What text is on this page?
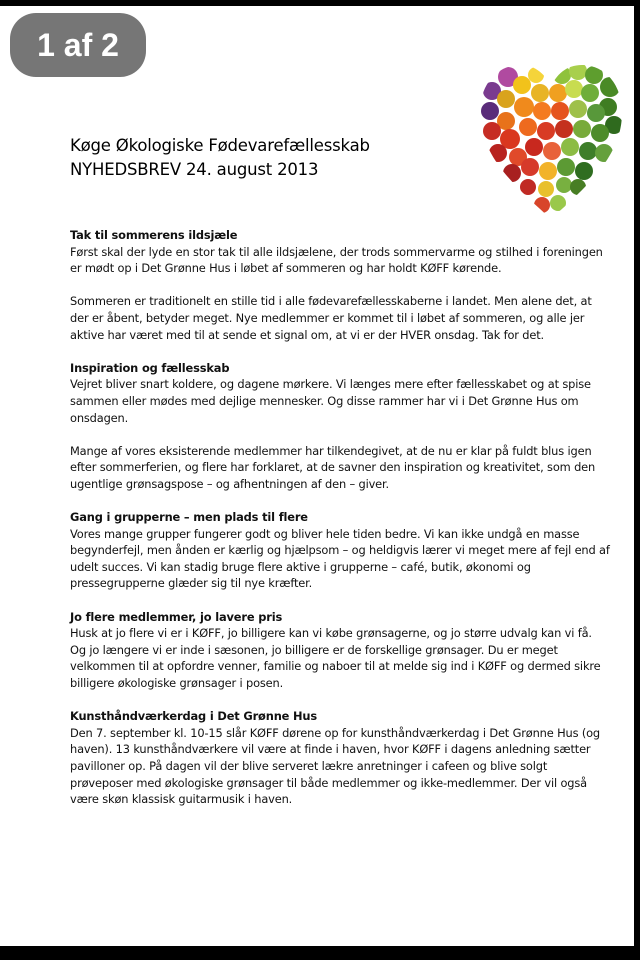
Køge Økologiske Fødevarefællesskab
NYHEDSBREV 24. august 2013
Tak til sommerens ildsjæle

Først skal der lyde en stor tak til alle ildsjælene, der trods sommervarme og stilhed i foreningen er mødt op i Det Grønne Hus i løbet af sommeren og har holdt KØFF kørende.

Sommeren er traditionelt en stille tid i alle fødevarefællesskaberne i landet. Men alene det, at der er åbent, betyder meget. Nye medlemmer er kommet til i løbet af sommeren, og alle jer aktive har været med til at sende et signal om, at vi er der HVER onsdag. Tak for det.

Inspiration og fællesskab

Vejret bliver snart koldere, og dagene mørkere. Vi længes mere efter fællesskabet og at spise sammen eller mødes med dejlige mennesker. Og disse rammer har vi i Det Grønne Hus om onsdagen.

Mange af vores eksisterende medlemmer har tilkendegivet, at de nu er klar på fuldt blus igen efter sommerferien, og flere har forklaret, at de savner den inspiration og kreativitet, som den ugentlige grønsagspose – og afhentningen af den – giver.

Gang i grupperne – men plads til flere

Vores mange grupper fungerer godt og bliver hele tiden bedre. Vi kan ikke undgå en masse begynderfejl, men ånden er kærlig og hjælpsom – og heldigvis lærer vi meget mere af fejl end af udelt succes. Vi kan stadig bruge flere aktive i grupperne – café, butik, økonomi og pressegrupperne glæder sig til nye kræfter.

Jo flere medlemmer, jo lavere pris

Husk at jo flere vi er i KØFF, jo billigere kan vi købe grønsagerne, og jo større udvalg kan vi få. Og jo længere vi er inde i sæsonen, jo billigere er de forskellige grønsager. Du er meget velkommen til at opfordre venner, familie og naboer til at melde sig ind i KØFF og dermed sikre billigere økologiske grønsager i posen.

Kunsthåndværkerdag i Det Grønne Hus

Den 7. september kl. 10-15 slår KØFF dørene op for kunsthåndværkerdag i Det Grønne Hus (og haven). 13 kunsthåndværkere vil være at finde i haven, hvor KØFF i dagens anledning sætter pavilloner op. På dagen vil der blive serveret lækre anretninger i cafeen og blive solgt prøveposer med økologiske grønsager til både medlemmer og ikke-medlemmer. Der vil også være skøn klassisk guitarmusik i haven.

1 af 2
